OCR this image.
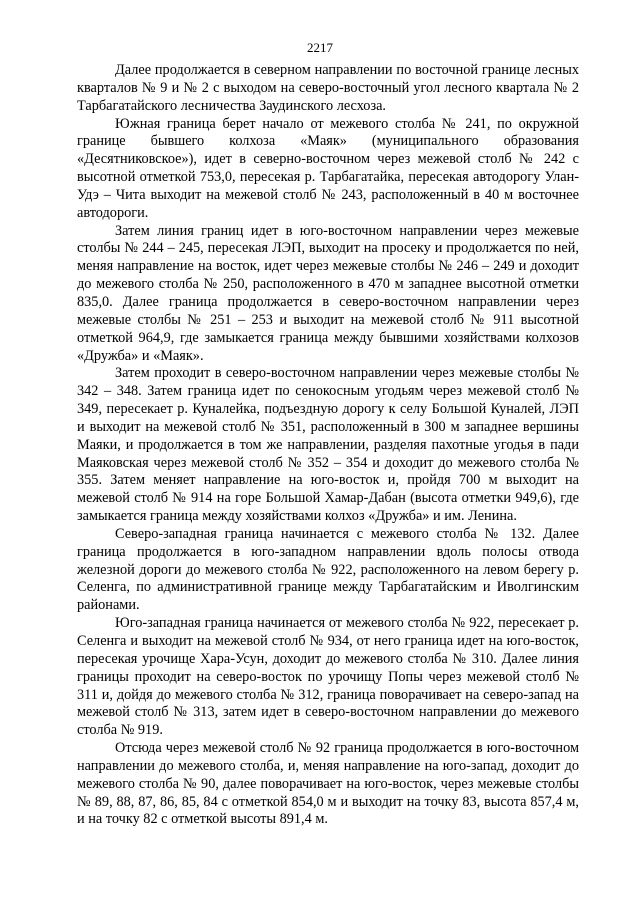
2217

Далее продолжается в северном направлении по восточной границе лесных кварталов № 9 и № 2 с выходом на северо-восточный угол лесного квартала № 2 Тарбагатайского лесничества Заудинского лесхоза.

Южная граница берет начало от межевого столба № 241, по окружной границе бывшего колхоза «Маяк» (муниципального образования «Десятниковское»), идет в северно-восточном через межевой столб № 242 с высотной отметкой 753,0, пересекая р. Тарбагатайка, пересекая автодорогу Улан-Удэ – Чита выходит на межевой столб № 243, расположенный в 40 м восточнее автодороги.

Затем линия границ идет в юго-восточном направлении через межевые столбы № 244 – 245, пересекая ЛЭП, выходит на просеку и продолжается по ней, меняя направление на восток, идет через межевые столбы № 246 – 249 и доходит до межевого столба № 250, расположенного в 470 м западнее высотной отметки 835,0. Далее граница продолжается в северо-восточном направлении через межевые столбы № 251 – 253 и выходит на межевой столб № 911 высотной отметкой 964,9, где замыкается граница между бывшими хозяйствами колхозов «Дружба» и «Маяк».

Затем проходит в северо-восточном направлении через межевые столбы № 342 – 348. Затем граница идет по сенокосным угодьям через межевой столб № 349, пересекает р. Куналейка, подъездную дорогу к селу Большой Куналей, ЛЭП и выходит на межевой столб № 351, расположенный в 300 м западнее вершины Маяки, и продолжается в том же направлении, разделяя пахотные угодья в пади Маяковская через межевой столб № 352 – 354 и доходит до межевого столба № 355. Затем меняет направление на юго-восток и, пройдя 700 м выходит на межевой столб № 914 на горе Большой Хамар-Дабан (высота отметки 949,6), где замыкается граница между хозяйствами колхоз «Дружба» и им. Ленина.

Северо-западная граница начинается с межевого столба № 132. Далее граница продолжается в юго-западном направлении вдоль полосы отвода железной дороги до межевого столба № 922, расположенного на левом берегу р. Селенга, по административной границе между Тарбагатайским и Иволгинским районами.

Юго-западная граница начинается от межевого столба № 922, пересекает р. Селенга и выходит на межевой столб № 934, от него граница идет на юго-восток, пересекая урочище Хара-Усун, доходит до межевого столба № 310. Далее линия границы проходит на северо-восток по урочищу Попы через межевой столб № 311 и, дойдя до межевого столба № 312, граница поворачивает на северо-запад на межевой столб № 313, затем идет в северо-восточном направлении до межевого столба № 919.

Отсюда через межевой столб № 92 граница продолжается в юго-восточном направлении до межевого столба, и, меняя направление на юго-запад, доходит до межевого столба № 90, далее поворачивает на юго-восток, через межевые столбы № 89, 88, 87, 86, 85, 84 с отметкой 854,0 м и выходит на точку 83, высота 857,4 м, и на точку 82 с отметкой высоты 891,4 м.
